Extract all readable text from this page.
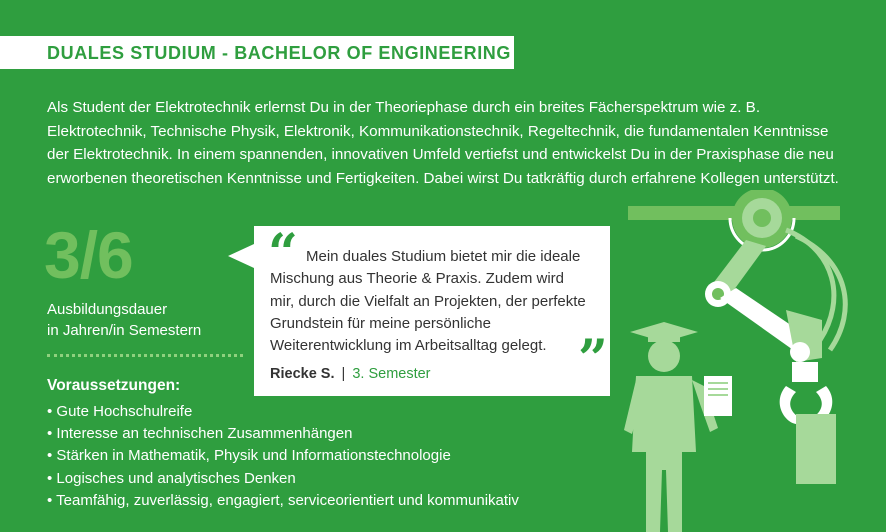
DUALES STUDIUM - BACHELOR OF ENGINEERING
Als Student der Elektrotechnik erlernst Du in der Theoriephase durch ein breites Fächerspektrum wie z. B. Elektrotechnik, Technische Physik, Elektronik, Kommunikationstechnik, Regeltechnik, die fundamentalen Kenntnisse der Elektrotechnik. In einem spannenden, innovativen Umfeld vertiefst und entwickelst Du in der Praxisphase die neu erworbenen theoretischen Kenntnisse und Fertigkeiten. Dabei wirst Du tatkräftig durch erfahrene Kollegen unterstützt.
3/6
Ausbildungsdauer
in Jahren/in Semestern
Voraussetzungen:
• Gute Hochschulreife
• Interesse an technischen Zusammenhängen
• Stärken in Mathematik, Physik und Informationstechnologie
• Logisches und analytisches Denken
• Teamfähig, zuverlässig, engagiert, serviceorientiert und kommunikativ
“ Mein duales Studium bietet mir die ideale Mischung aus Theorie & Praxis. Zudem wird mir, durch die Vielfalt an Projekten, der perfekte Grundstein für meine persönliche Weiterentwicklung im Arbeitsalltag gelegt. ”
Riecke S. | 3. Semester
